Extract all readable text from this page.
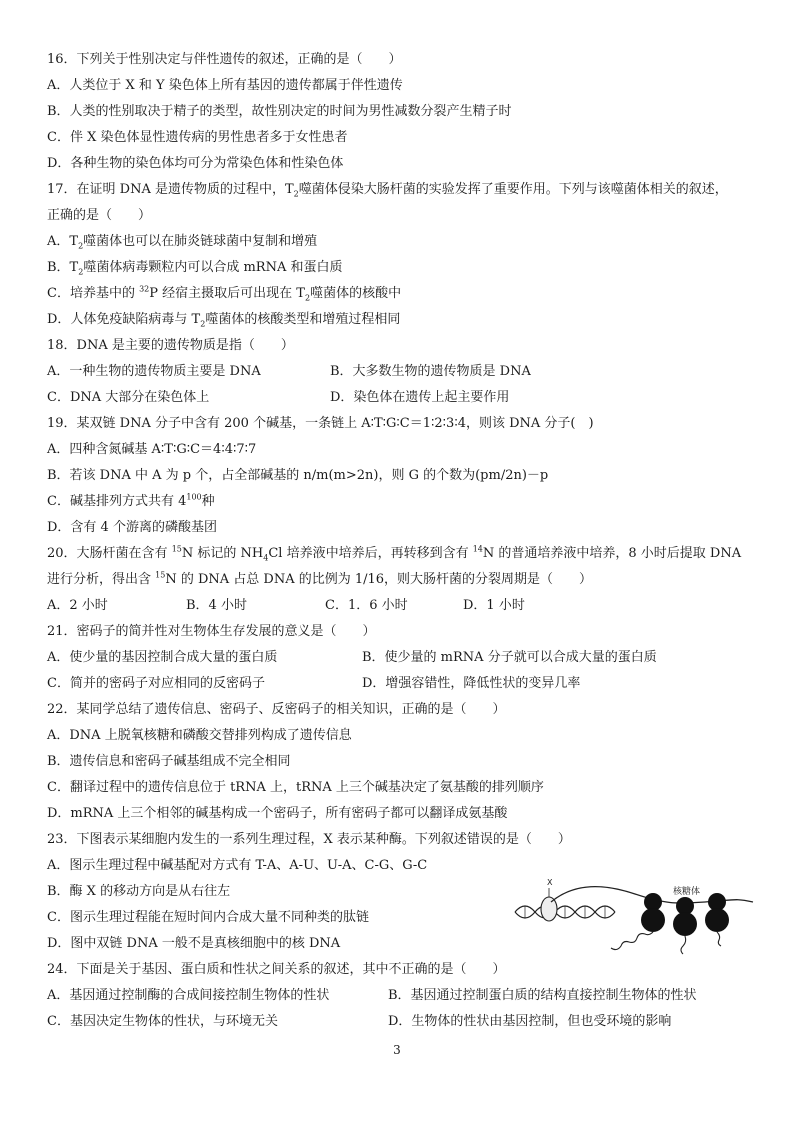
16．下列关于性别决定与伴性遗传的叙述，正确的是（　　）
A．人类位于 X 和 Y 染色体上所有基因的遗传都属于伴性遗传
B．人类的性别取决于精子的类型，故性别决定的时间为男性减数分裂产生精子时
C．伴 X 染色体显性遗传病的男性患者多于女性患者
D．各种生物的染色体均可分为常染色体和性染色体
17．在证明 DNA 是遗传物质的过程中，$T_2$噬菌体侵染大肠杆菌的实验发挥了重要作用。下列与该噬菌体相关的叙述，
正确的是（　　）
A．$T_2$噬菌体也可以在肺炎链球菌中复制和增殖
B．$T_2$噬菌体病毒颗粒内可以合成 mRNA 和蛋白质
C．培养基中的 $^{32}$P 经宿主摄取后可出现在 $T_2$噬菌体的核酸中
D．人体免疫缺陷病毒与 $T_2$噬菌体的核酸类型和增殖过程相同
18．DNA 是主要的遗传物质是指（　　）
A．一种生物的遗传物质主要是 DNA	B．大多数生物的遗传物质是 DNA
C．DNA 大部分在染色体上	D．染色体在遗传上起主要作用
19．某双链 DNA 分子中含有 200 个碱基，一条链上 A∶T∶G∶C＝1∶2∶3∶4，则该 DNA 分子(　)
A．四种含氮碱基 A∶T∶G∶C＝4∶4∶7∶7
B．若该 DNA 中 A 为 p 个，占全部碱基的 n/m(m>2n)，则 G 的个数为(pm/2n)－p
C．碱基排列方式共有 $4^{100}$种
D．含有 4 个游离的磷酸基团
20．大肠杆菌在含有 $^{15}$N 标记的 $NH_4Cl$ 培养液中培养后，再转移到含有 $^{14}$N 的普通培养液中培养，8 小时后提取 DNA
进行分析，得出含 $^{15}$N 的 DNA 占总 DNA 的比例为 1/16，则大肠杆菌的分裂周期是（　　）
A．2 小时	B．4 小时	C．1．6 小时	D．1 小时
21．密码子的简并性对生物体生存发展的意义是（　　）
A．使少量的基因控制合成大量的蛋白质	B．使少量的 mRNA 分子就可以合成大量的蛋白质
C．简并的密码子对应相同的反密码子	D．增强容错性，降低性状的变异几率
22．某同学总结了遗传信息、密码子、反密码子的相关知识，正确的是（　　）
A．DNA 上脱氧核糖和磷酸交替排列构成了遗传信息
B．遗传信息和密码子碱基组成不完全相同
C．翻译过程中的遗传信息位于 tRNA 上，tRNA 上三个碱基决定了氨基酸的排列顺序
D．mRNA 上三个相邻的碱基构成一个密码子，所有密码子都可以翻译成氨基酸
23．下图表示某细胞内发生的一系列生理过程，X 表示某种酶。下列叙述错误的是（　　）
A．图示生理过程中碱基配对方式有 T-A、A-U、U-A、C-G、G-C
B．酶 X 的移动方向是从右往左
C．图示生理过程能在短时间内合成大量不同种类的肽链
D．图中双链 DNA 一般不是真核细胞中的核 DNA
X
核糖体
24．下面是关于基因、蛋白质和性状之间关系的叙述，其中不正确的是（　　）
A．基因通过控制酶的合成间接控制生物体的性状	B．基因通过控制蛋白质的结构直接控制生物体的性状
C．基因决定生物体的性状，与环境无关	D．生物体的性状由基因控制，但也受环境的影响
3
